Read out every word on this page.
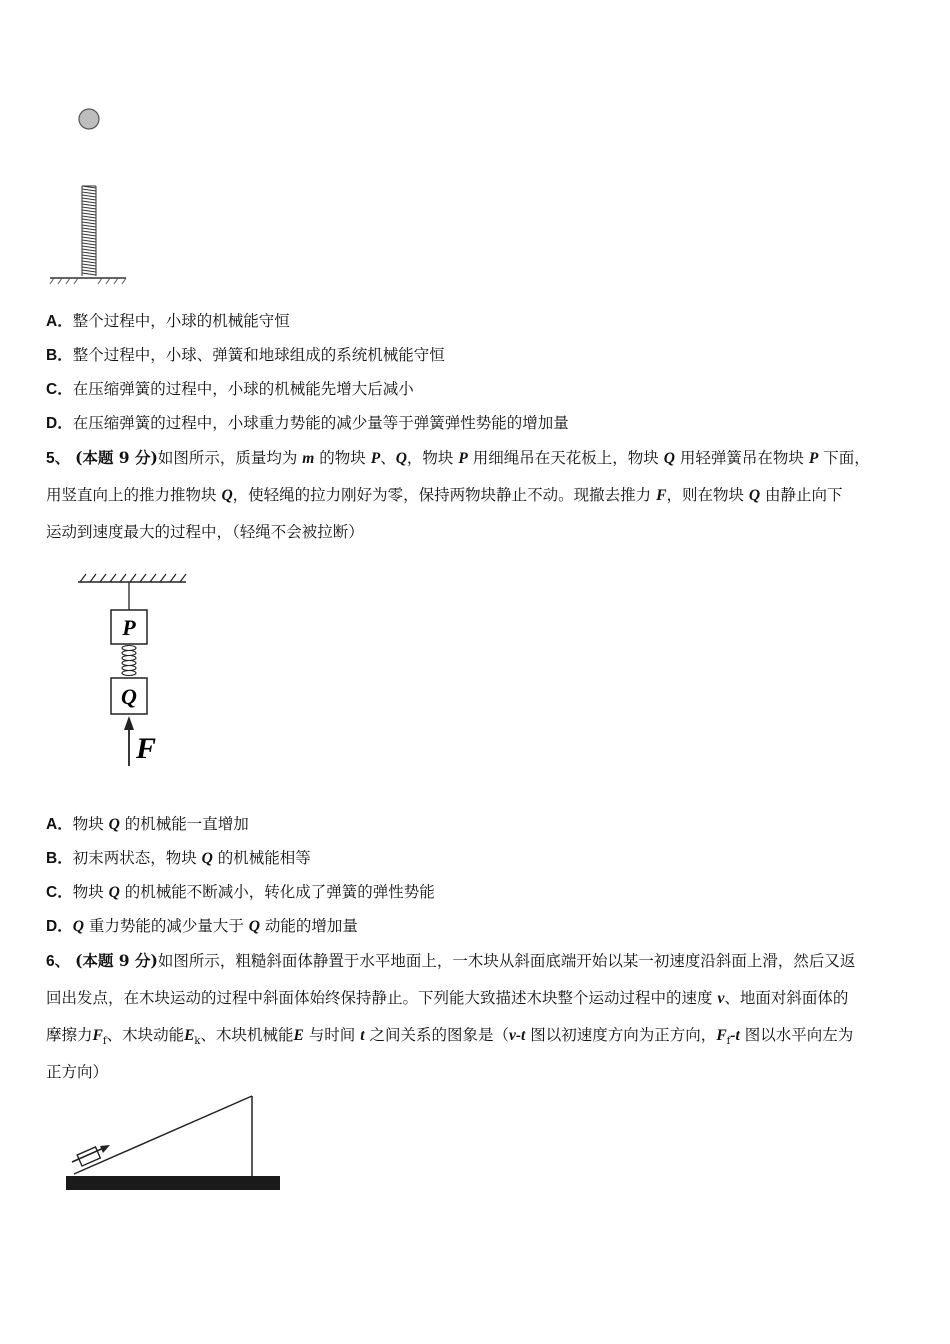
A．整个过程中，小球的机械能守恒
B．整个过程中，小球、弹簧和地球组成的系统机械能守恒
C．在压缩弹簧的过程中，小球的机械能先增大后减小
D．在压缩弹簧的过程中，小球重力势能的减少量等于弹簧弹性势能的增加量
5、 (本题 9 分)如图所示，质量均为 m 的物块 P、Q，物块 P 用细绳吊在天花板上，物块 Q 用轻弹簧吊在物块 P 下面，
用竖直向上的推力推物块 Q，使轻绳的拉力刚好为零，保持两物块静止不动。现撤去推力 F，则在物块 Q 由静止向下
运动到速度最大的过程中，（轻绳不会被拉断）
P
Q
F
A．物块 Q 的机械能一直增加
B．初末两状态，物块 Q 的机械能相等
C．物块 Q 的机械能不断减小，转化成了弹簧的弹性势能
D．Q 重力势能的减少量大于 Q 动能的增加量
6、 (本题 9 分)如图所示，粗糙斜面体静置于水平地面上，一木块从斜面底端开始以某一初速度沿斜面上滑，然后又返
回出发点，在木块运动的过程中斜面体始终保持静止。下列能大致描述木块整个运动过程中的速度 v、地面对斜面体的
摩擦力$F_f$、木块动能$E_k$、木块机械能E 与时间 t 之间关系的图象是（v-t 图以初速度方向为正方向，$F_f-t$ 图以水平向左为
正方向）
